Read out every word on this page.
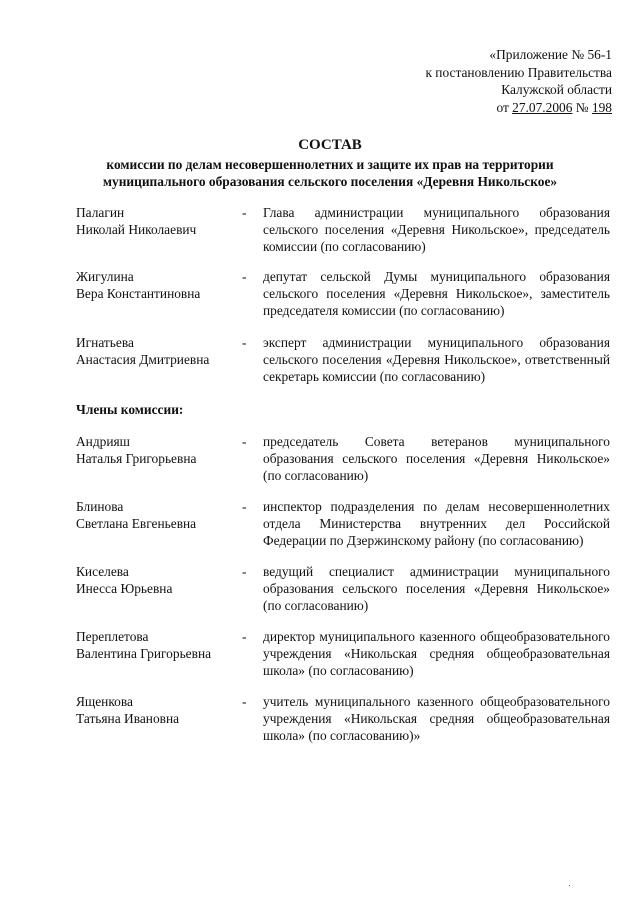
«Приложение № 56-1
к постановлению Правительства
Калужской области
от 27.07.2006 № 198
СОСТАВ
комиссии по делам несовершеннолетних и защите их прав на территории
муниципального образования сельского поселения «Деревня Никольское»
Палагин
Николай Николаевич
- Глава администрации муниципального образования сельского поселения «Деревня Никольское», председатель комиссии (по согласованию)
Жигулина
Вера Константиновна
- депутат сельской Думы муниципального образования сельского поселения «Деревня Никольское», заместитель председателя комиссии (по согласованию)
Игнатьева
Анастасия Дмитриевна
- эксперт администрации муниципального образования сельского поселения «Деревня Никольское», ответственный секретарь комиссии (по согласованию)
Члены комиссии:
Андрияш
Наталья Григорьевна
- председатель Совета ветеранов муниципального образования сельского поселения «Деревня Никольское» (по согласованию)
Блинова
Светлана Евгеньевна
- инспектор подразделения по делам несовершеннолетних отдела Министерства внутренних дел Российской Федерации по Дзержинскому району (по согласованию)
Киселева
Инесса Юрьевна
- ведущий специалист администрации муниципального образования сельского поселения «Деревня Никольское» (по согласованию)
Переплетова
Валентина Григорьевна
- директор муниципального казенного общеобразовательного учреждения «Никольская средняя общеобразовательная школа» (по согласованию)
Ященкова
Татьяна Ивановна
- учитель муниципального казенного общеобразовательного учреждения «Никольская средняя общеобразовательная школа» (по согласованию)»
